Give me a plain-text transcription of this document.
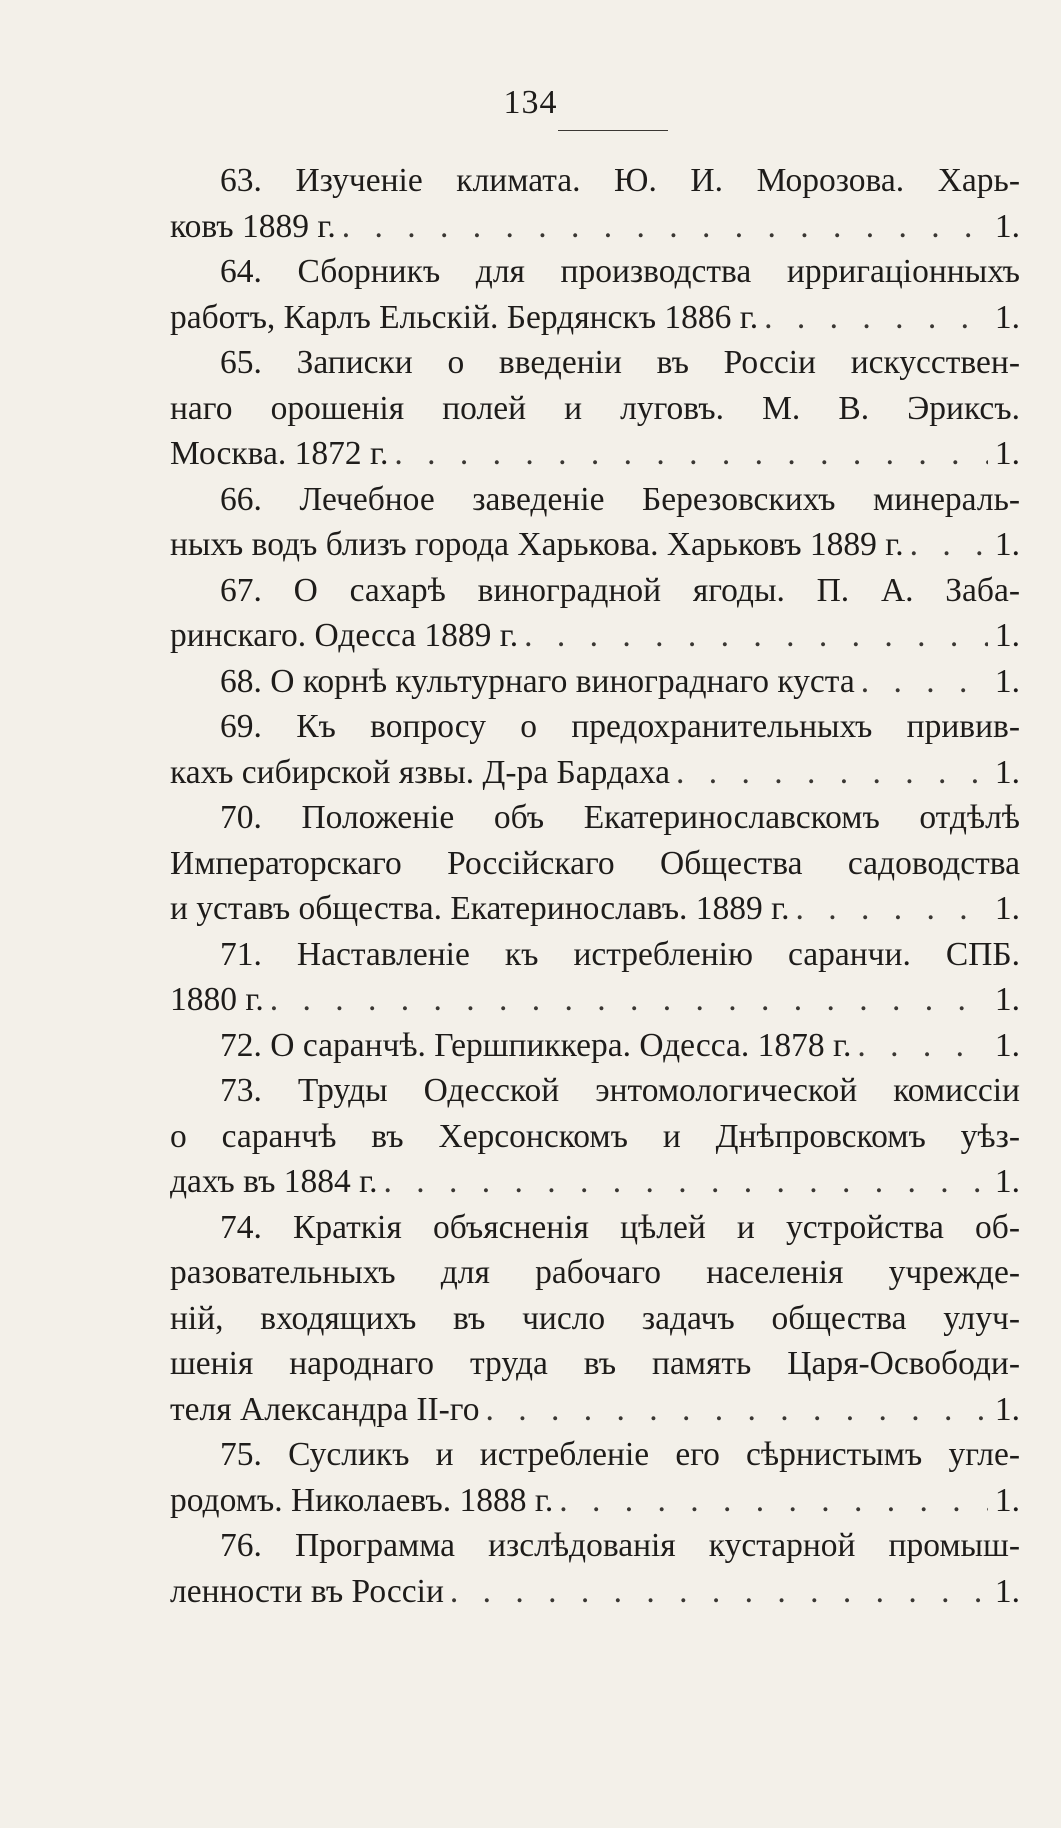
134
63. Изученіе климата. Ю. И. Морозова. Харь-
ковъ 1889 г. . . .	1.
64. Сборникъ для производства ирригаціонныхъ
работъ, Карлъ Ельскій. Бердянскъ 1886 г. . . .	1.
65. Записки о введеніи въ Россіи искусствен-
наго орошенія полей и луговъ. М. В. Эриксъ.
Москва. 1872 г. . . .	1.
66. Лечебное заведеніе Березовскихъ минераль-
ныхъ водъ близъ города Харькова. Харьковъ 1889 г. . . .	1.
67. О сахарѣ виноградной ягоды. П. А. Заба-
ринскаго. Одесса 1889 г. . . .	1.
68. О корнѣ культурнаго винограднаго куста . . .	1.
69. Къ вопросу о предохранительныхъ привив-
кахъ сибирской язвы. Д-ра Бардаха . . .	1.
70. Положеніе объ Екатеринославскомъ отдѣлѣ
Императорскаго Россійскаго Общества садоводства
и уставъ общества. Екатеринославъ. 1889 г. . . .	1.
71. Наставленіе къ истребленію саранчи. СПБ.
1880 г. . . .	1.
72. О саранчѣ. Гершпиккера. Одесса. 1878 г. . . .	1.
73. Труды Одесской энтомологической комиссіи
о саранчѣ въ Херсонскомъ и Днѣпровскомъ уѣз-
дахъ въ 1884 г. . . .	1.
74. Краткія объясненія цѣлей и устройства об-
разовательныхъ для рабочаго населенія учрежде-
ній, входящихъ въ число задачъ общества улуч-
шенія народнаго труда въ память Царя-Освободи-
теля Александра II-го . . .	1.
75. Сусликъ и истребленіе его сѣрнистымъ угле-
родомъ. Николаевъ. 1888 г. . . .	1.
76. Программа изслѣдованія кустарной промыш-
ленности въ Россіи . . .	1.
